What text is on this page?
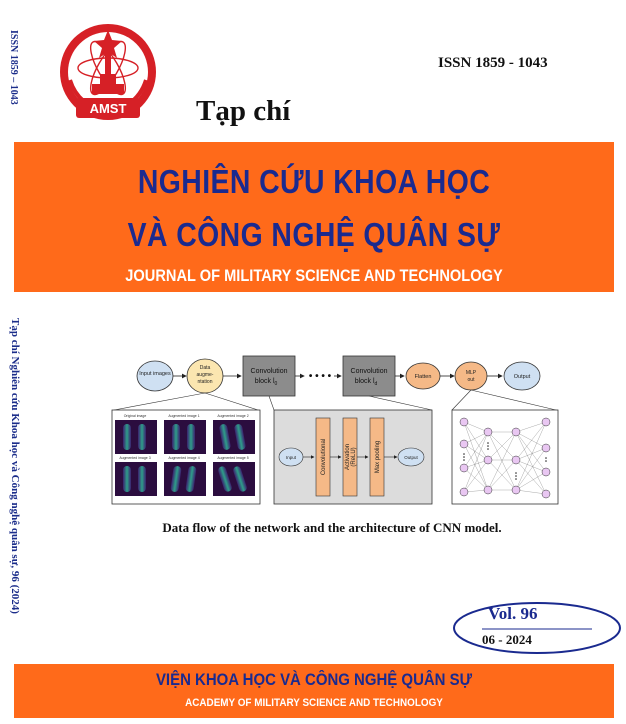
ISSN 1859 – 1043
AMST
ISSN 1859 - 1043
Tạp chí
NGHIÊN CỨU KHOA HỌC
VÀ CÔNG NGHỆ QUÂN SỰ
JOURNAL OF MILITARY SCIENCE AND TECHNOLOGY
Tạp chí Nghiên cứu Khoa học và Công nghệ quân sự, 96 (2024)	Input images
Data
augme-
ntation
Convolution
block $l_0$
• • • •	Convolution
block $l_d$
Flatten
MLP
out	Output
Original image	Augmented image 1	Augmented image 2
Augmented image 3	Augmented image 4	Augmented image 5	Input	Convolutional	Activation (ReLU)	Max pooling	Output
Data flow of the network and the architecture of CNN model.
Vol. 96
06 - 2024
VIỆN KHOA HỌC VÀ CÔNG NGHỆ QUÂN SỰ
ACADEMY OF MILITARY SCIENCE AND TECHNOLOGY
